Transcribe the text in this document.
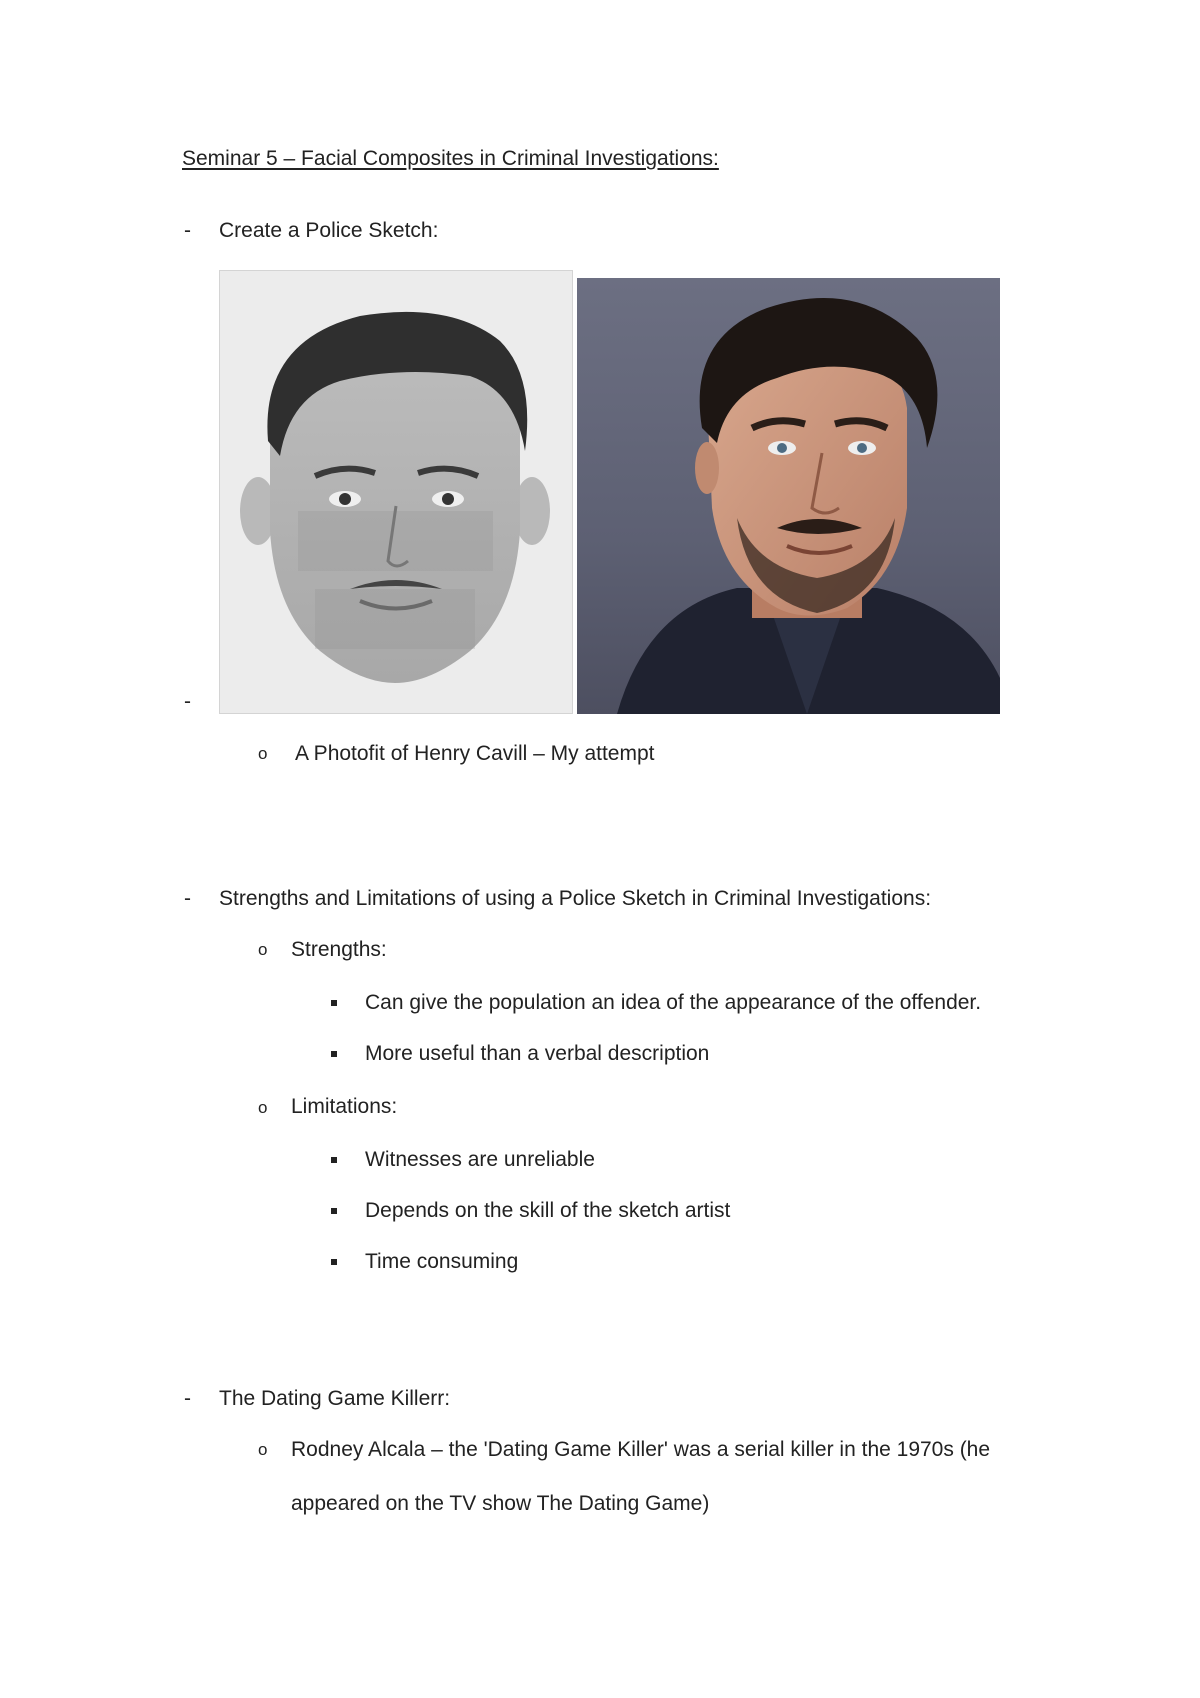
Seminar 5 – Facial Composites in Criminal Investigations:
- Create a Police Sketch:
-
o A Photofit of Henry Cavill – My attempt
- Strengths and Limitations of using a Police Sketch in Criminal Investigations:
o Strengths:
Can give the population an idea of the appearance of the offender.
More useful than a verbal description
o Limitations:
Witnesses are unreliable
Depends on the skill of the sketch artist
Time consuming
- The Dating Game Killerr:
o Rodney Alcala – the 'Dating Game Killer' was a serial killer in the 1970s (he
appeared on the TV show The Dating Game)
